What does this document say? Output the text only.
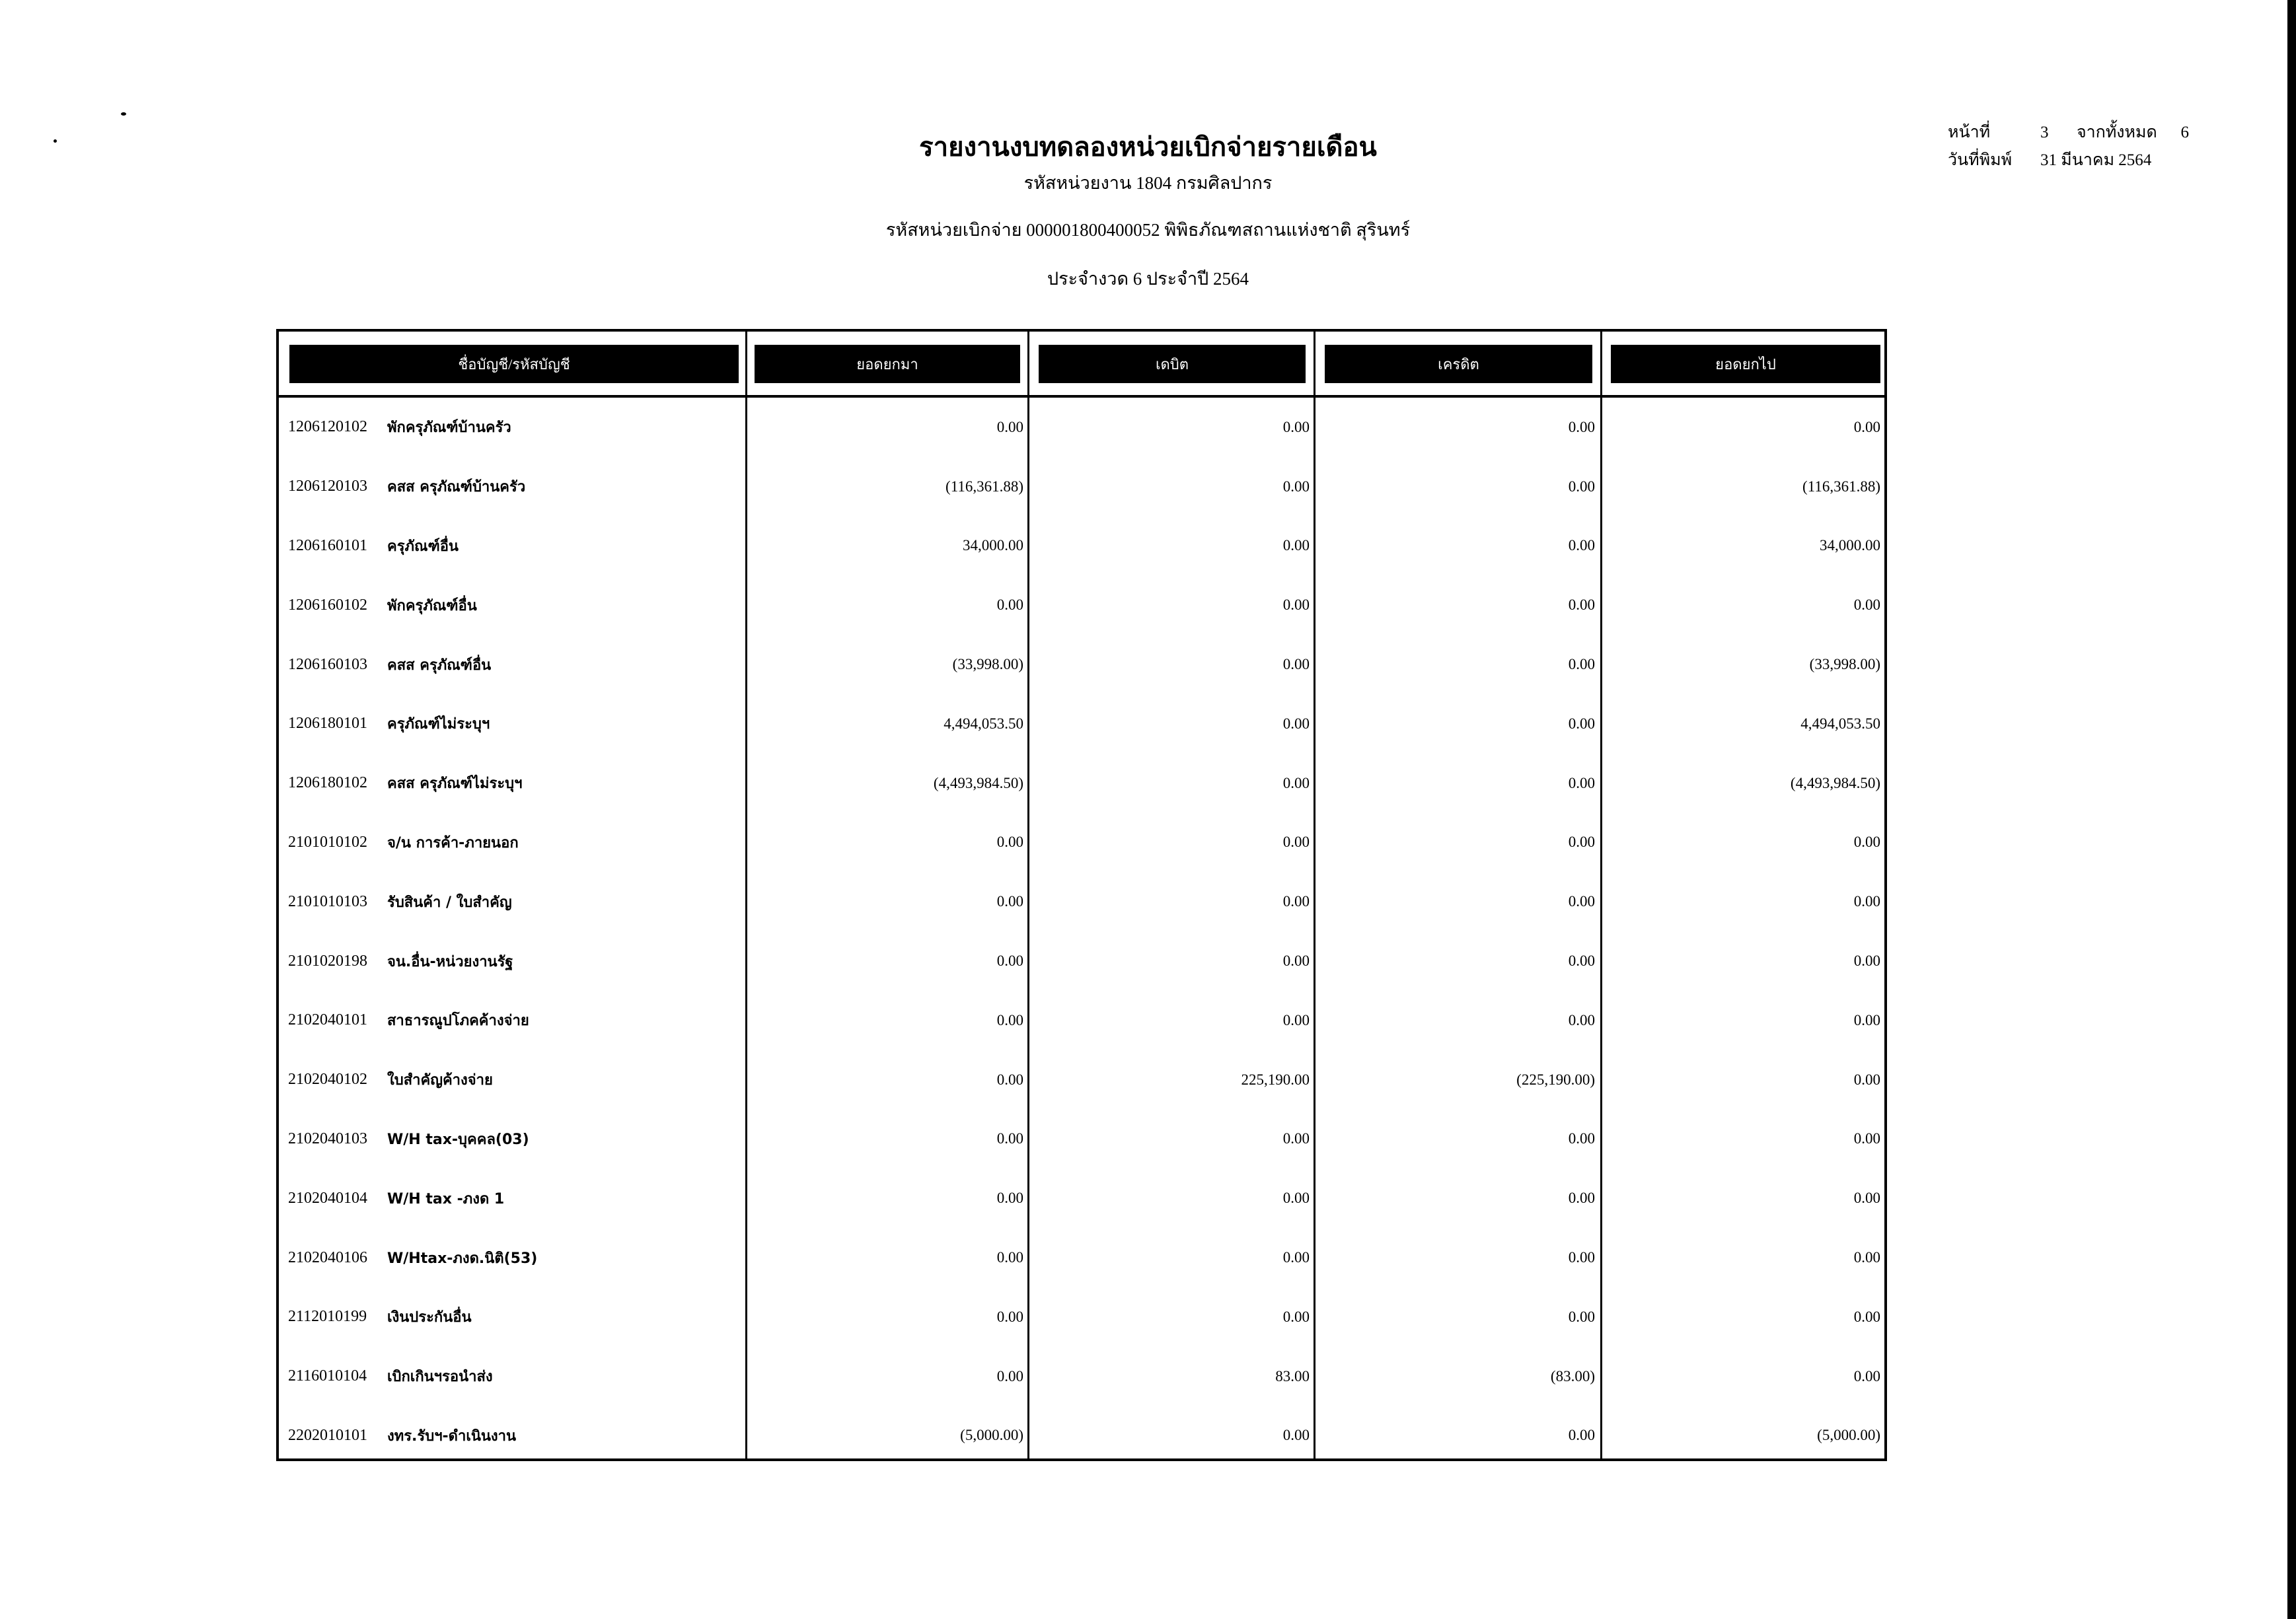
รายงานงบทดลองหน่วยเบิกจ่ายรายเดือน
รหัสหน่วยงาน 1804 กรมศิลปากร
รหัสหน่วยเบิกจ่าย 000001800400052 พิพิธภัณฑสถานแห่งชาติ สุรินทร์
ประจำงวด 6 ประจำปี 2564
หน้าที่	3	จากทั้งหมด	6
วันที่พิมพ์	31 มีนาคม 2564
ชื่อบัญชี/รหัสบัญชี	ยอดยกมา	เดบิต	เครดิต	ยอดยกไป
1206120102	พักครุภัณฑ์บ้านครัว	0.00	0.00	0.00	0.00
1206120103	คสส ครุภัณฑ์บ้านครัว	(116,361.88)	0.00	0.00	(116,361.88)
1206160101	ครุภัณฑ์อื่น	34,000.00	0.00	0.00	34,000.00
1206160102	พักครุภัณฑ์อื่น	0.00	0.00	0.00	0.00
1206160103	คสส ครุภัณฑ์อื่น	(33,998.00)	0.00	0.00	(33,998.00)
1206180101	ครุภัณฑ์ไม่ระบุฯ	4,494,053.50	0.00	0.00	4,494,053.50
1206180102	คสส ครุภัณฑ์ไม่ระบุฯ	(4,493,984.50)	0.00	0.00	(4,493,984.50)
2101010102	จ/น การค้า-ภายนอก	0.00	0.00	0.00	0.00
2101010103	รับสินค้า / ใบสำคัญ	0.00	0.00	0.00	0.00
2101020198	จน.อื่น-หน่วยงานรัฐ	0.00	0.00	0.00	0.00
2102040101	สาธารณูปโภคค้างจ่าย	0.00	0.00	0.00	0.00
2102040102	ใบสำคัญค้างจ่าย	0.00	225,190.00	(225,190.00)	0.00
2102040103	W/H tax-บุคคล(03)	0.00	0.00	0.00	0.00
2102040104	W/H tax -ภงด 1	0.00	0.00	0.00	0.00
2102040106	W/Htax-ภงด.นิติ(53)	0.00	0.00	0.00	0.00
2112010199	เงินประกันอื่น	0.00	0.00	0.00	0.00
2116010104	เบิกเกินฯรอนำส่ง	0.00	83.00	(83.00)	0.00
2202010101	งทร.รับฯ-ดำเนินงาน	(5,000.00)	0.00	0.00	(5,000.00)
